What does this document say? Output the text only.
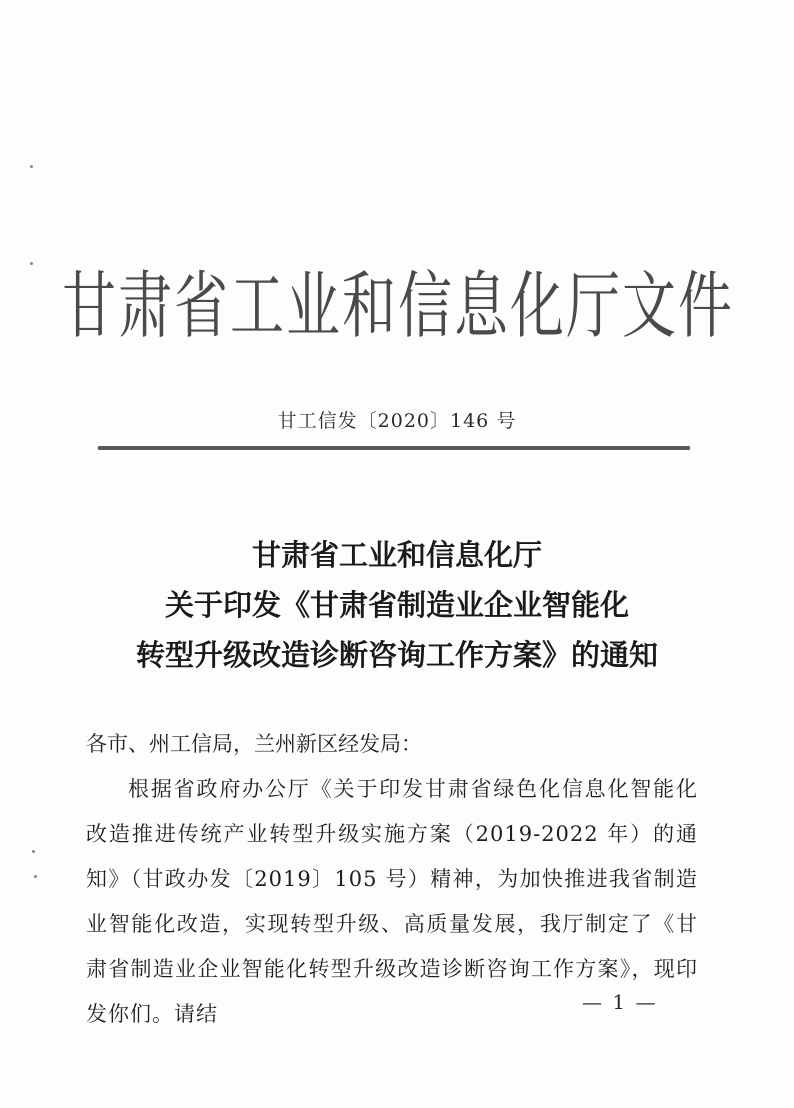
甘肃省工业和信息化厅文件
甘工信发〔2020〕146 号
甘肃省工业和信息化厅
关于印发《甘肃省制造业企业智能化
转型升级改造诊断咨询工作方案》的通知
各市、州工信局，兰州新区经发局：
根据省政府办公厅《关于印发甘肃省绿色化信息化智能化改造推进传统产业转型升级实施方案（2019-2022 年）的通知》（甘政办发〔2019〕105 号）精神，为加快推进我省制造业智能化改造，实现转型升级、高质量发展，我厅制定了《甘肃省制造业企业智能化转型升级改造诊断咨询工作方案》，现印发你们。请结	— 1 —
